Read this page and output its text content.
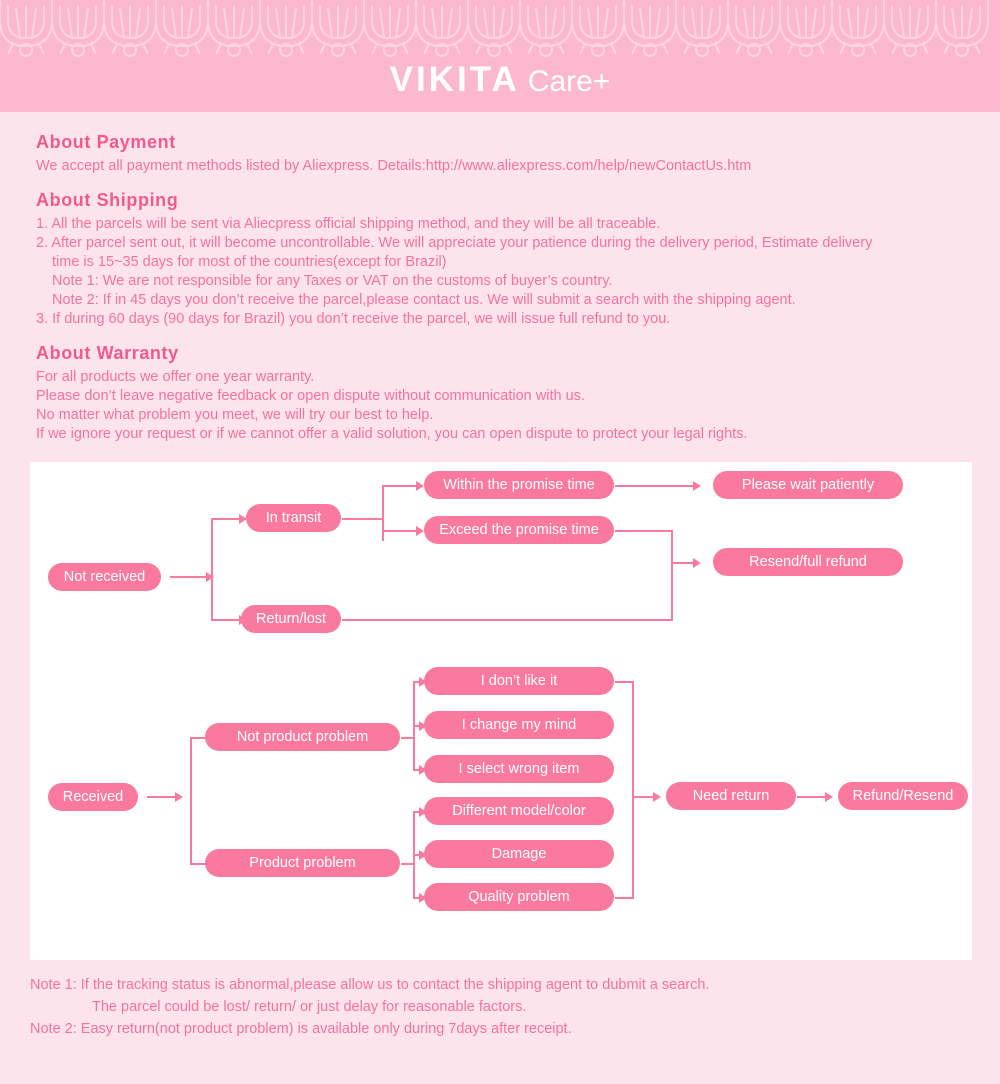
VIKITA Care+
About Payment
We accept all payment methods listed by Aliexpress. Details:http://www.aliexpress.com/help/newContactUs.htm
About Shipping
1. All the parcels will be sent via Aliecpress official shipping method, and they will be all traceable.
2. After parcel sent out, it will become uncontrollable. We will appreciate your patience during the delivery period, Estimate delivery
time is 15~35 days for most of the countries(except for Brazil)
Note 1: We are not responsible for any Taxes or VAT on the customs of buyer’s country.
Note 2: If in 45 days you don’t receive the parcel,please contact us. We will submit a search with the shipping agent.
3. If during 60 days (90 days for Brazil) you don’t receive the parcel, we will issue full refund to you.
About Warranty
For all products we offer one year warranty.
Please don’t leave negative feedback or open dispute without communication with us.
No matter what problem you meet, we will try our best to help.
If we ignore your request or if we cannot offer a valid solution, you can open dispute to protect your legal rights.
Not received
In transit
Return/lost
Within the promise time
Exceed the promise time
Please wait patiently
Resend/full refund
Received
Not product problem
Product problem
I don’t like it
I change my mind
I select wrong item
Different model/color
Damage
Quality problem
Need return	Refund/Resend
Note 1: If the tracking status is abnormal,please allow us to contact the shipping agent to dubmit a search.
The parcel could be lost/ return/ or just delay for reasonable factors.
Note 2: Easy return(not product problem) is available only during 7days after receipt.
